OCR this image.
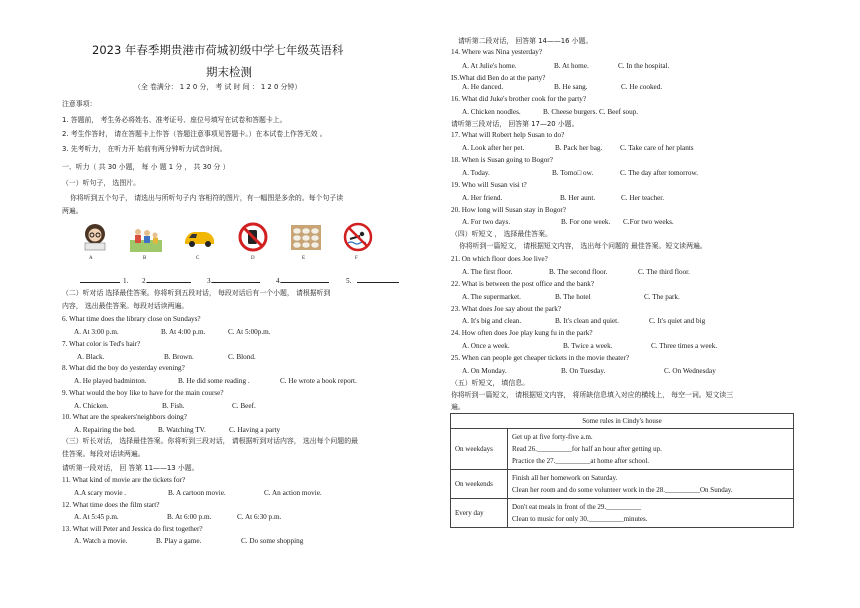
2023 年春季期贵港市荷城初级中学七年级英语科
期末检测
（全 卷满分： 1 2 0 分， 考 试 时 间 ： 1 2 0 分钟）
注意事项：
1. 答题前， 考生务必将姓名、准考证号、座位号填写在试卷和答题卡上。
2. 考生作答时， 请在答题卡上作答（答题注意事项见答题卡。）在本试卷上作答无效 。
3. 先考听力， 在听力开 始前有两分钟听力试音时间。
一、听力（ 共 30 小题， 每 小 题 1 分 ， 共 30 分 ）
（一）听句子， 选图片。
你将听到五个句子， 请选出与所听句子内 容相符的图片，有一幅图是多余的。每个句子读
两遍。
A	B	C	D	E	F
1. 2.	3.	4.	5.
（二）听对话 选择最佳答案。你将听到五段对话， 每段对话后有一个小题， 请根据听到
内容， 选出最佳答案。每段对话读两遍。
6. What time does the library close on Sundays?
A. At 3:00 p.m.	B. At 4:00 p.m.	C. At 5:00p.m.
7. What color is Ted's hair?
A. Black.	B. Brown.	C. Blond.
8. What did the boy do yesterday evening?
A. He played badminton.	B. He did some reading .	C. He wrote a book report.
9. What would the boy like to have for the main course?
A. Chicken.	B. Fish.	C. Beef.
10. What are the speakers'neighbors doing?
A. Repairing the bed.	B. Watching TV.	C. Having a party
（三）听长对话， 选择最佳答案。你将听到三段对话， 请根据听到对话内容， 选出每个问题的最
佳答案。每段对话读两遍。
请听第一段对话， 回 答第 11——13 小题。
11. What kind of movie are the tickets for?
A.A scary movie .	B. A cartoon movie.	C. An action movie.
12. What time does the film start?
A. At 5:45 p.m.	B. At 6:00 p.m.	C. At 6:30 p.m.
13. What will Peter and Jessica do first together?
A. Watch a movie.	B. Play a game.	C. Do some shopping
请听第二段对话， 回答第 14——16 小题。
14. Where was Nina yesterday?
A. At Julie's home.	B. At home.	C. In the hospital.
IS.What did Ben do at the party?
A. He danced.	B. He sang.	C. He cooked.
16. What did Juke's brother cook for the party?
A. Chicken noodles.	B. Cheese burgers. C. Beef soup.
请听第三段对话， 回答第 17—20 小题。
17. What will Robert help Susan to do?
A. Look after her pet.	B. Pack her bag. C. Take care of her plants
18. When is Susan going to Bogor?
A. Today.	B. Tomo□ ow.	C. The day after tomorrow.
19. Who will Susan visi t?
A. Her friend.	B. Her aunt.	C. Her teacher.
20. How long will Susan stay in Bogor?
A. For two days.	B. For one week. C.For two weeks.
（四）听短文 ， 选择最佳答案。
你将听到一篇短文， 请根据短文内容， 选出每个问题的 最佳答案。短文读两遍。
21. On which floor does Joe live?
A. The first floor.	B. The second floor.	C. The third floor.
22. What is between the post office and the bank?
A. The supermarket.	B. The hotel	C. The park.
23. What does Joe say about the park?
A. It's big and clean.	B. It's clean and quiet.	C. It's quiet and big
24. How often does Joe play kung fu in the park?
A. Once a week.	B. Twice a week.	C. Three times a week.
25. When can people get cheaper tickets in the movie theater?
A. On Monday.	B. On Tuesday.	C. On Wednesday
（五）听短文， 填信息。
你将听到一篇短文， 请根据短文内容， 将所缺信息填入对应的横线上， 每空一词。短文读三
遍。
Some rules in Cindy's house	
On weekdays	Get up at five forty-five a.m.
Read 26.__________for half an hour after getting up.
Practice the 27.__________at home after school.

On weekends	Finish all her homework on Saturday.
Clean her room and do some volunteer work in the 28.__________On Sunday.

Every day	Don't eat meals in front of the 29.__________
Clean to music for only 30.__________minutes.
